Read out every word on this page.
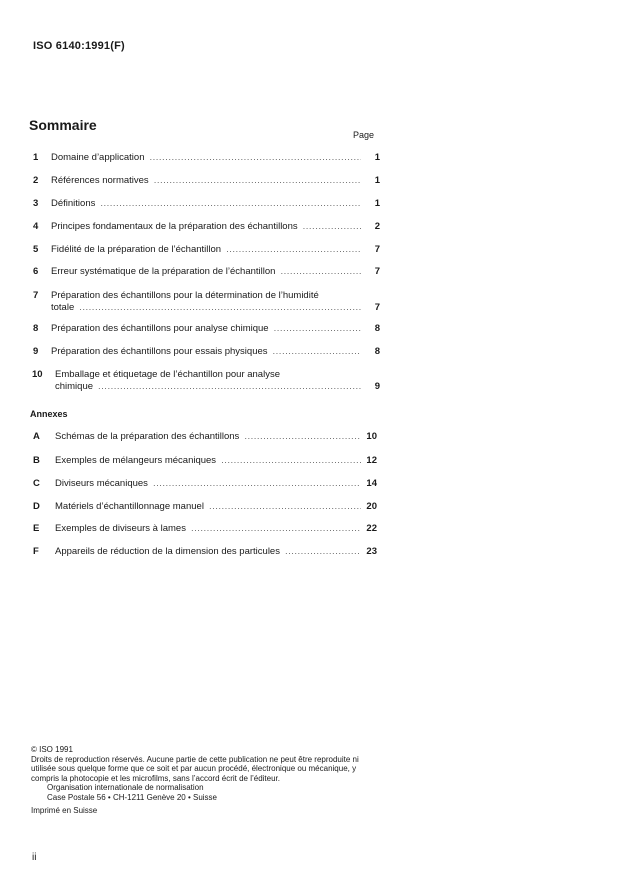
ISO 6140:1991(F)
Sommaire
Page
1 Domaine d’application .....	1
2 Références normatives .....	1
3 Définitions .....	1
4 Principes fondamentaux de la préparation des échantillons .....	2
5 Fidélité de la préparation de l’échantillon .....	7
6 Erreur systématique de la préparation de l’échantillon .....	7
7 Préparation des échantillons pour la détermination de l’humidité
totale .....	7
8 Préparation des échantillons pour analyse chimique .....	8
9 Préparation des échantillons pour essais physiques .....	8
10 Emballage et étiquetage de l’échantillon pour analyse
chimique .....	9
Annexes
A Schémas de la préparation des échantillons .....	10
B Exemples de mélangeurs mécaniques .....	12
C Diviseurs mécaniques .....	14
D Matériels d’échantillonnage manuel .....	20
E Exemples de diviseurs à lames .....	22
F Appareils de réduction de la dimension des particules .....	23

© ISO 1991

Droits de reproduction réservés. Aucune partie de cette publication ne peut être reproduite ni utilisée sous quelque forme que ce soit et par aucun procédé, électronique ou mécanique, y compris la photocopie et les microfilms, sans l’accord écrit de l’éditeur.

Organisation internationale de normalisation

Case Postale 56 • CH-1211 Genève 20 • Suisse

Imprimé en Suisse
ii
